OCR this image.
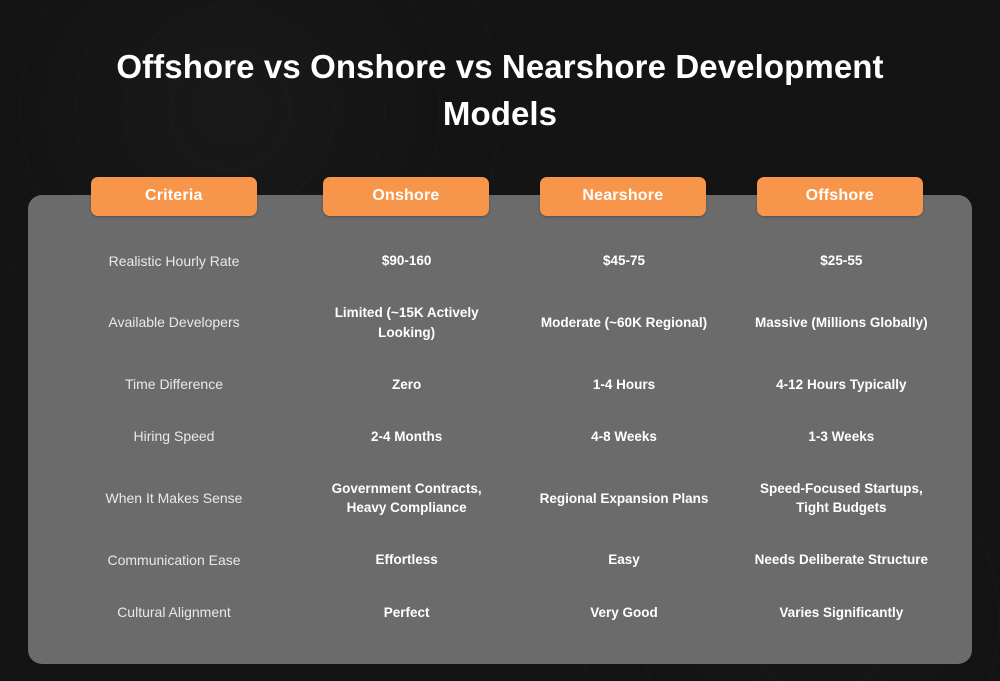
Offshore vs Onshore vs Nearshore Development Models
Criteria	Onshore	Nearshore	Offshore
Realistic Hourly Rate	$90-160	$45-75	$25-55
Available Developers	Limited (~15K Actively Looking)	Moderate (~60K Regional)	Massive (Millions Globally)
Time Difference	Zero	1-4 Hours	4-12 Hours Typically
Hiring Speed	2-4 Months	4-8 Weeks	1-3 Weeks
When It Makes Sense	Government Contracts, Heavy Compliance	Regional Expansion Plans	Speed-Focused Startups, Tight Budgets
Communication Ease	Effortless	Easy	Needs Deliberate Structure
Cultural Alignment	Perfect	Very Good	Varies Significantly
